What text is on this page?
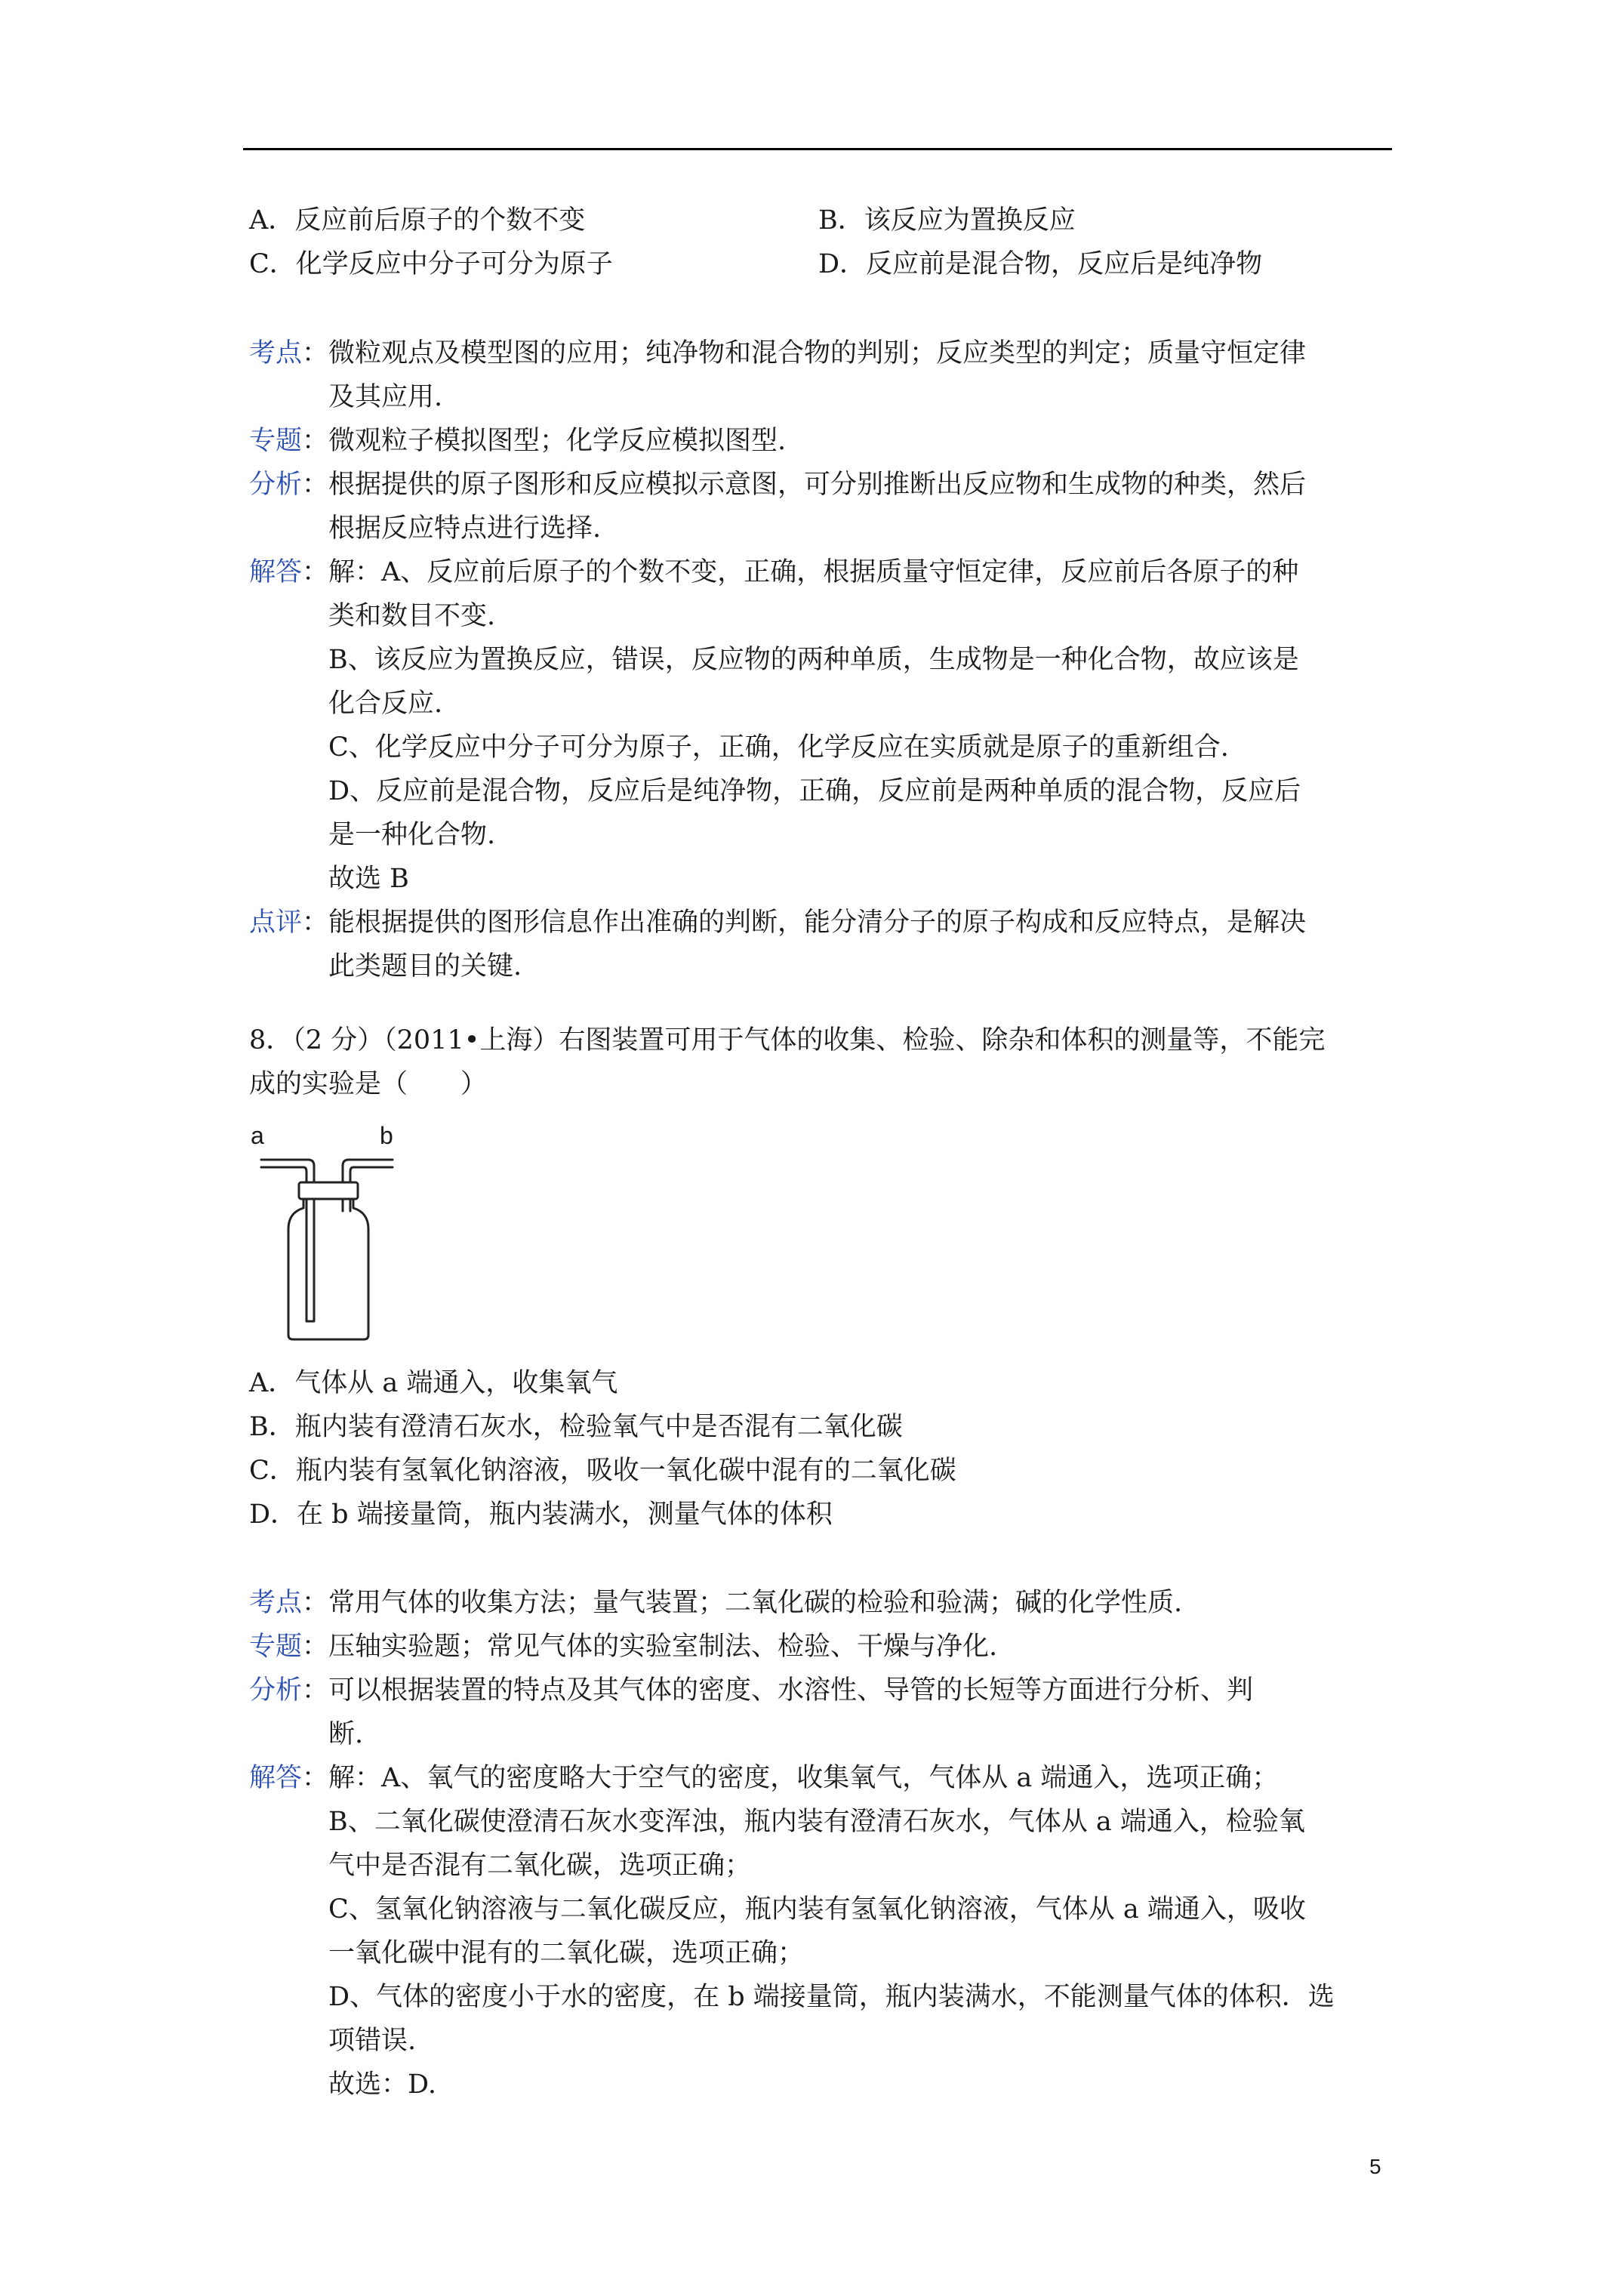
A．反应前后原子的个数不变	B．该反应为置换反应
C．化学反应中分子可分为原子	D．反应前是混合物，反应后是纯净物
考点： 微粒观点及模型图的应用；纯净物和混合物的判别；反应类型的判定；质量守恒定律
及其应用.
专题： 微观粒子模拟图型；化学反应模拟图型.
分析： 根据提供的原子图形和反应模拟示意图，可分别推断出反应物和生成物的种类，然后
根据反应特点进行选择.
解答： 解：A、反应前后原子的个数不变，正确，根据质量守恒定律，反应前后各原子的种
类和数目不变.
B、该反应为置换反应，错误，反应物的两种单质，生成物是一种化合物，故应该是
化合反应.
C、化学反应中分子可分为原子，正确，化学反应在实质就是原子的重新组合.
D、反应前是混合物，反应后是纯净物，正确，反应前是两种单质的混合物，反应后
是一种化合物.
故选 B
点评： 能根据提供的图形信息作出准确的判断，能分清分子的原子构成和反应特点，是解决
此类题目的关键.
8．（2 分）（2011•上海）右图装置可用于气体的收集、检验、除杂和体积的测量等，不能完
成的实验是（　　）
a	b
A．气体从 a 端通入，收集氧气
B．瓶内装有澄清石灰水，检验氧气中是否混有二氧化碳
C．瓶内装有氢氧化钠溶液，吸收一氧化碳中混有的二氧化碳
D．在 b 端接量筒，瓶内装满水，测量气体的体积
考点： 常用气体的收集方法；量气装置；二氧化碳的检验和验满；碱的化学性质.
专题： 压轴实验题；常见气体的实验室制法、检验、干燥与净化.
分析： 可以根据装置的特点及其气体的密度、水溶性、导管的长短等方面进行分析、判
断.
解答： 解：A、氧气的密度略大于空气的密度，收集氧气，气体从 a 端通入，选项正确；
B、二氧化碳使澄清石灰水变浑浊，瓶内装有澄清石灰水，气体从 a 端通入，检验氧
气中是否混有二氧化碳，选项正确；
C、氢氧化钠溶液与二氧化碳反应，瓶内装有氢氧化钠溶液，气体从 a 端通入，吸收
一氧化碳中混有的二氧化碳，选项正确；
D、气体的密度小于水的密度，在 b 端接量筒，瓶内装满水，不能测量气体的体积．选
项错误.
故选：D.
5
